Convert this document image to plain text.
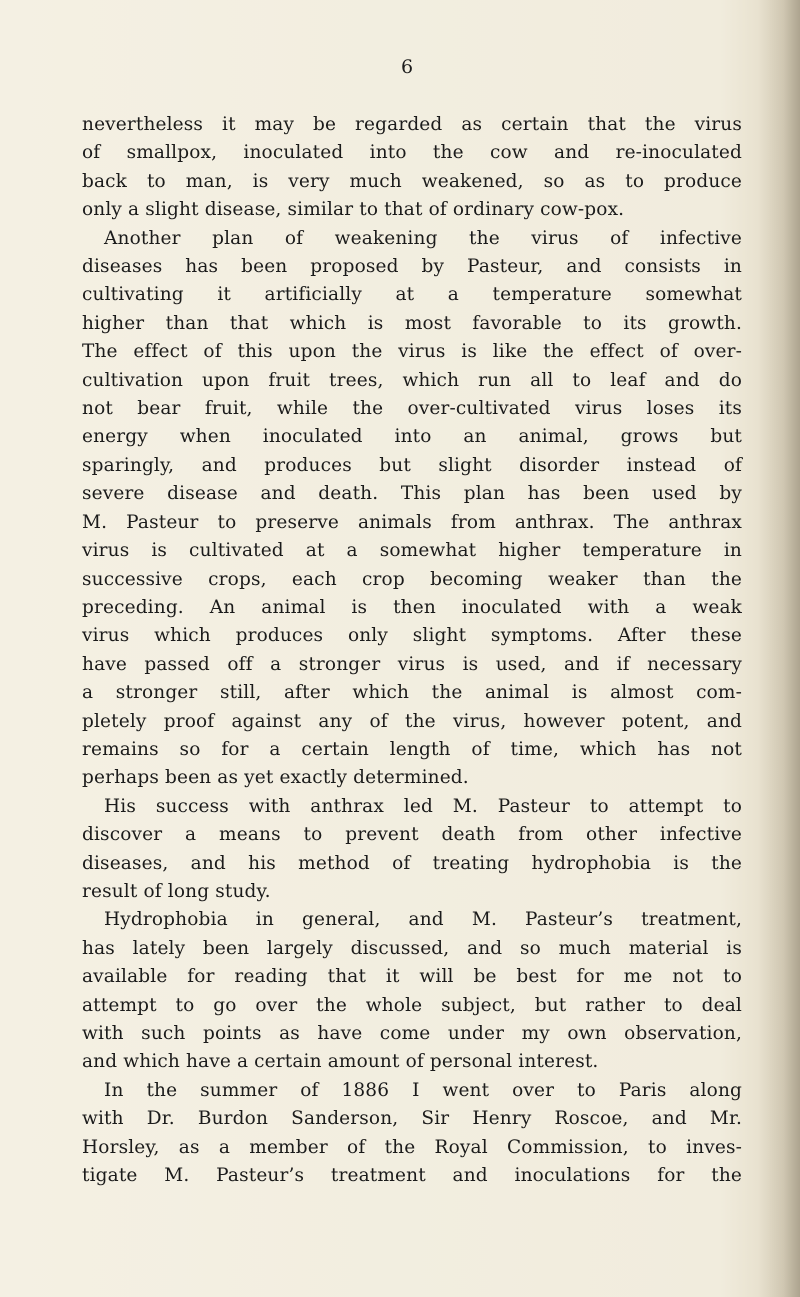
6

nevertheless it may be regarded as certain that the virus
of smallpox, inoculated into the cow and re-inoculated
back to man, is very much weakened, so as to produce
only a slight disease, similar to that of ordinary cow-pox.
Another plan of weakening the virus of infective
diseases has been proposed by Pasteur, and consists in
cultivating it artificially at a temperature somewhat
higher than that which is most favorable to its growth.
The effect of this upon the virus is like the effect of over-
cultivation upon fruit trees, which run all to leaf and do
not bear fruit, while the over-cultivated virus loses its
energy when inoculated into an animal, grows but
sparingly, and produces but slight disorder instead of
severe disease and death. This plan has been used by
M. Pasteur to preserve animals from anthrax. The anthrax
virus is cultivated at a somewhat higher temperature in
successive crops, each crop becoming weaker than the
preceding. An animal is then inoculated with a weak
virus which produces only slight symptoms. After these
have passed off a stronger virus is used, and if necessary
a stronger still, after which the animal is almost com-
pletely proof against any of the virus, however potent, and
remains so for a certain length of time, which has not
perhaps been as yet exactly determined.
His success with anthrax led M. Pasteur to attempt to
discover a means to prevent death from other infective
diseases, and his method of treating hydrophobia is the
result of long study.
Hydrophobia in general, and M. Pasteur’s treatment,
has lately been largely discussed, and so much material is
available for reading that it will be best for me not to
attempt to go over the whole subject, but rather to deal
with such points as have come under my own observation,
and which have a certain amount of personal interest.
In the summer of 1886 I went over to Paris along
with Dr. Burdon Sanderson, Sir Henry Roscoe, and Mr.
Horsley, as a member of the Royal Commission, to inves-
tigate M. Pasteur’s treatment and inoculations for the
